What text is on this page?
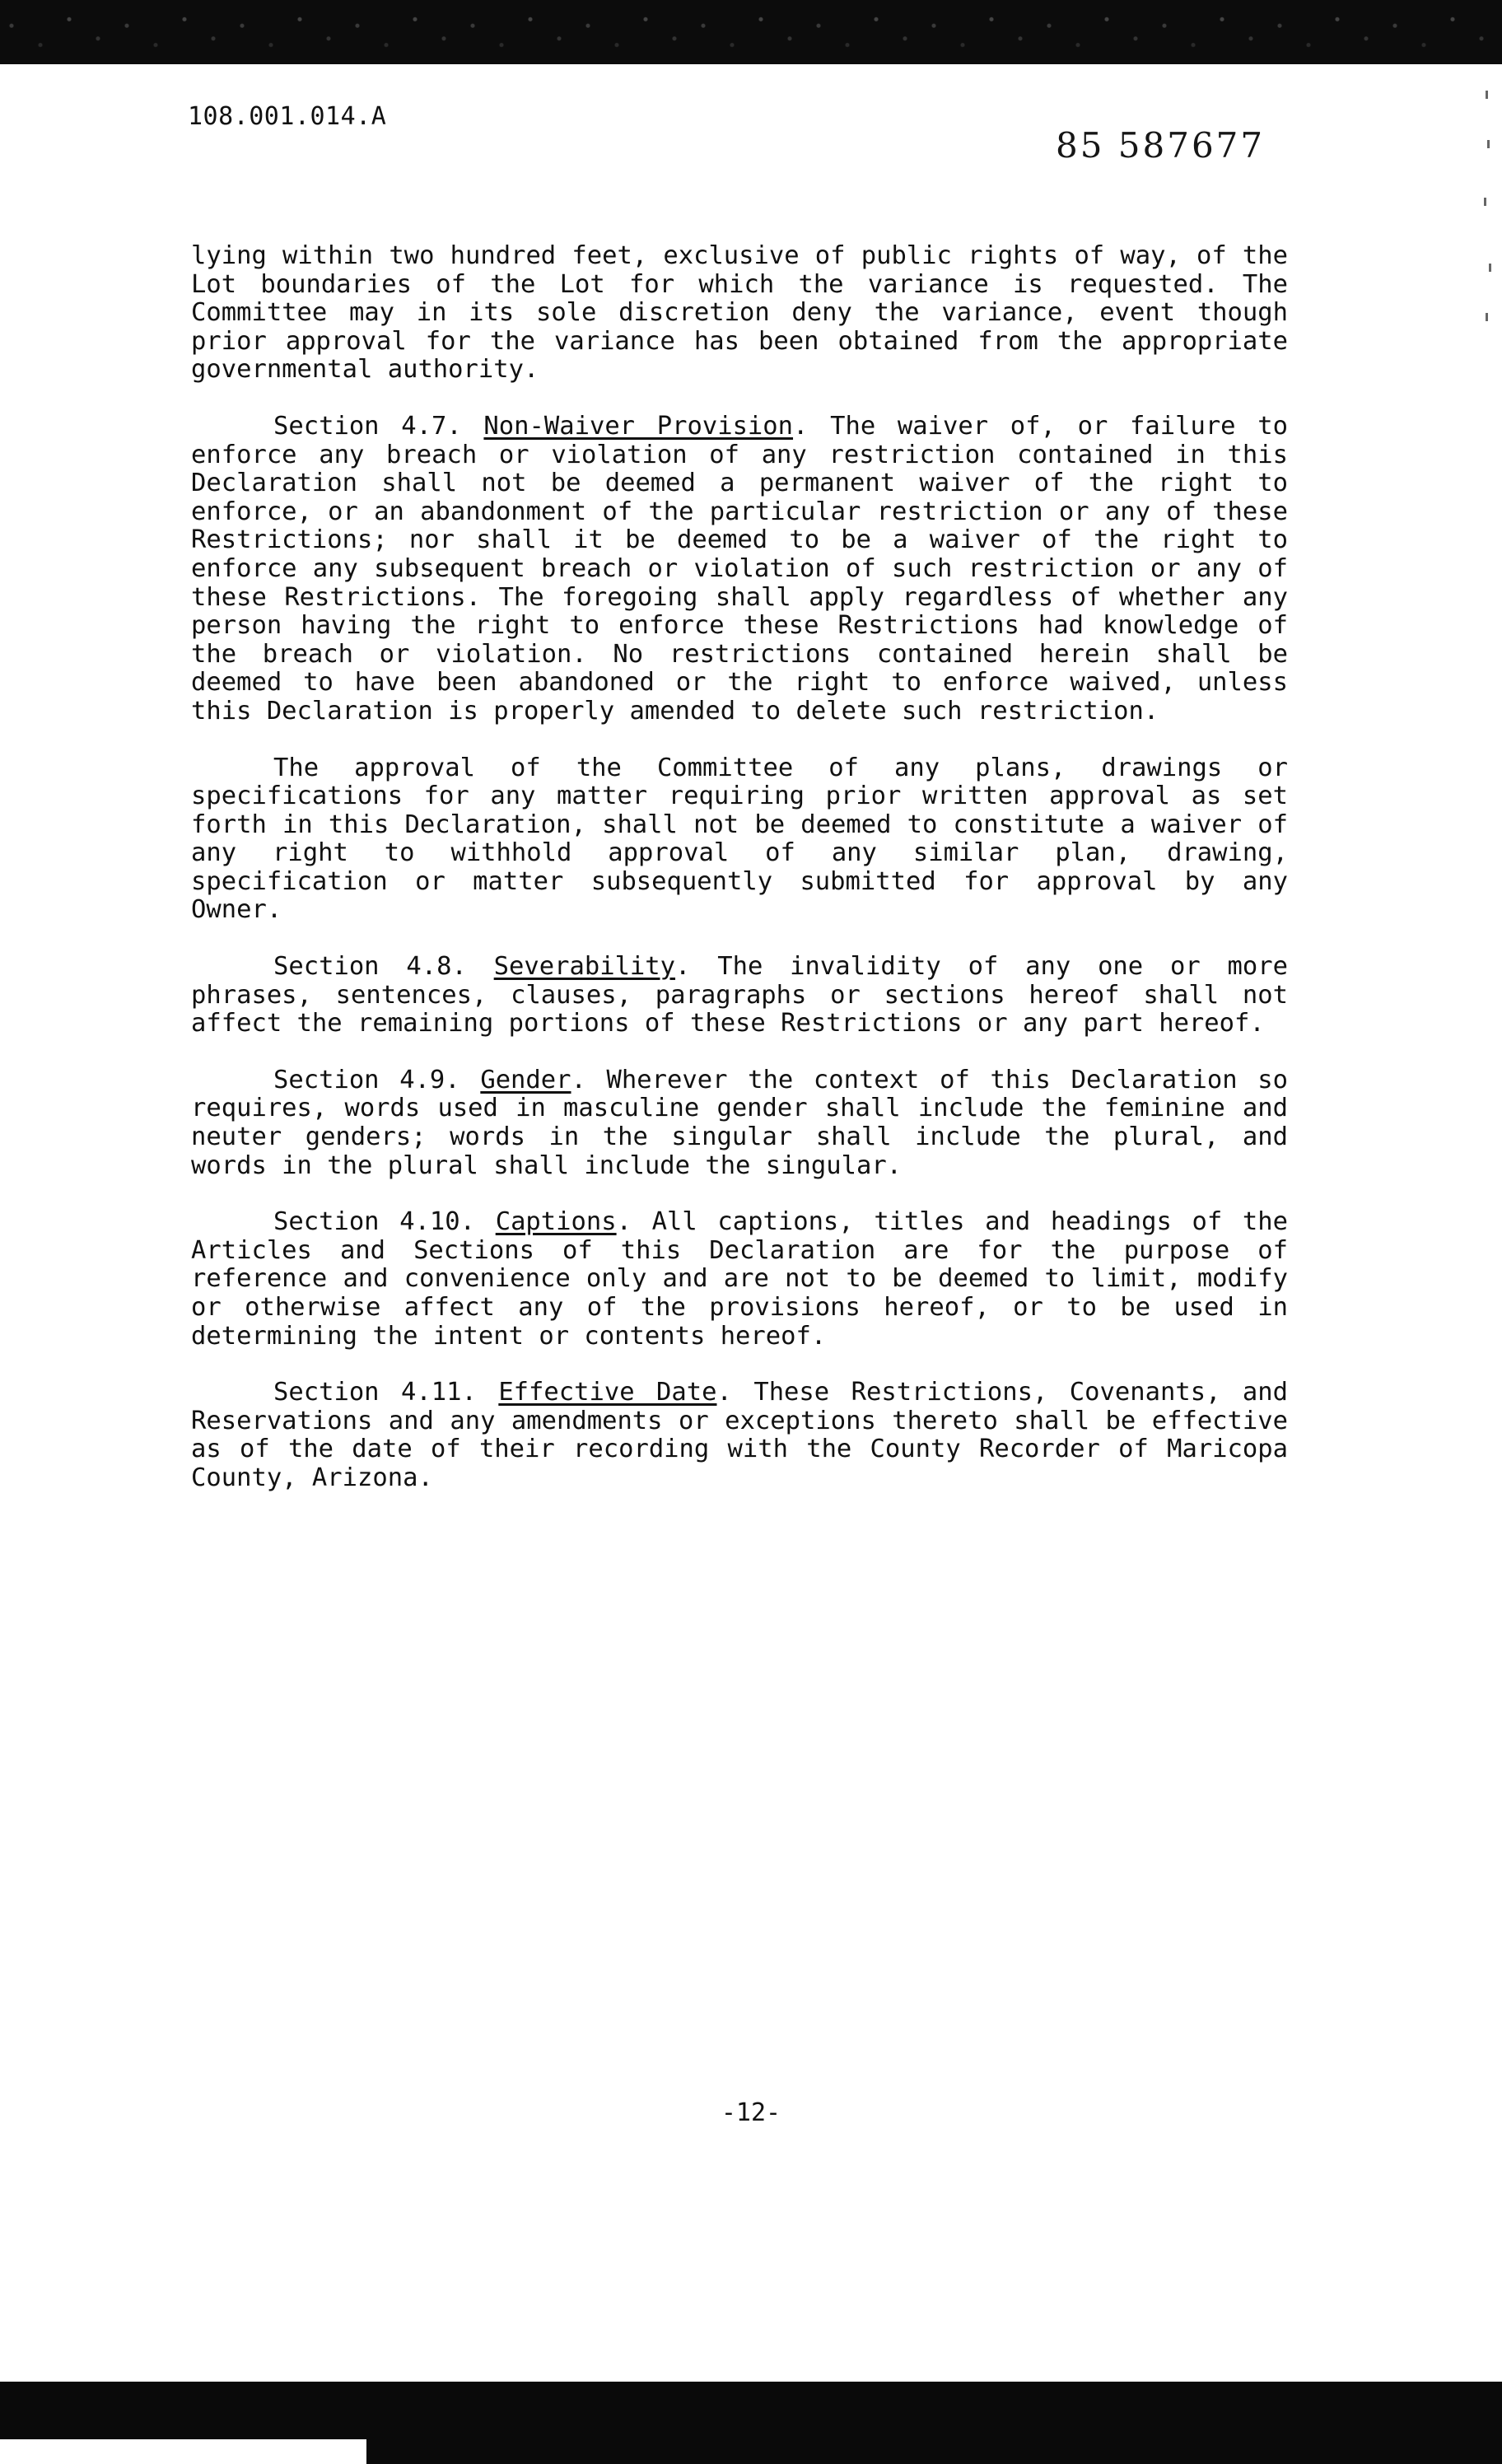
108.001.014.A
85 587677

lying within two hundred feet, exclusive of public rights of way, of the Lot boundaries of the Lot for which the variance is requested. The Committee may in its sole discretion deny the variance, event though prior approval for the variance has been obtained from the appropriate governmental authority.

Section 4.7. Non-Waiver Provision. The waiver of, or failure to enforce any breach or violation of any restriction contained in this Declaration shall not be deemed a permanent waiver of the right to enforce, or an abandonment of the particular restriction or any of these Restrictions; nor shall it be deemed to be a waiver of the right to enforce any subsequent breach or violation of such restriction or any of these Restrictions. The foregoing shall apply regardless of whether any person having the right to enforce these Restrictions had knowledge of the breach or violation. No restrictions contained herein shall be deemed to have been abandoned or the right to enforce waived, unless this Declaration is properly amended to delete such restriction.

The approval of the Committee of any plans, drawings or specifications for any matter requiring prior written approval as set forth in this Declaration, shall not be deemed to constitute a waiver of any right to withhold approval of any similar plan, drawing, specification or matter subsequently submitted for approval by any Owner.

Section 4.8. Severability. The invalidity of any one or more phrases, sentences, clauses, paragraphs or sections hereof shall not affect the remaining portions of these Restrictions or any part hereof.

Section 4.9. Gender. Wherever the context of this Declaration so requires, words used in masculine gender shall include the feminine and neuter genders; words in the singular shall include the plural, and words in the plural shall include the singular.

Section 4.10. Captions. All captions, titles and headings of the Articles and Sections of this Declaration are for the purpose of reference and convenience only and are not to be deemed to limit, modify or otherwise affect any of the provisions hereof, or to be used in determining the intent or contents hereof.

Section 4.11. Effective Date. These Restrictions, Covenants, and Reservations and any amendments or exceptions thereto shall be effective as of the date of their recording with the County Recorder of Maricopa County, Arizona.

-12-
